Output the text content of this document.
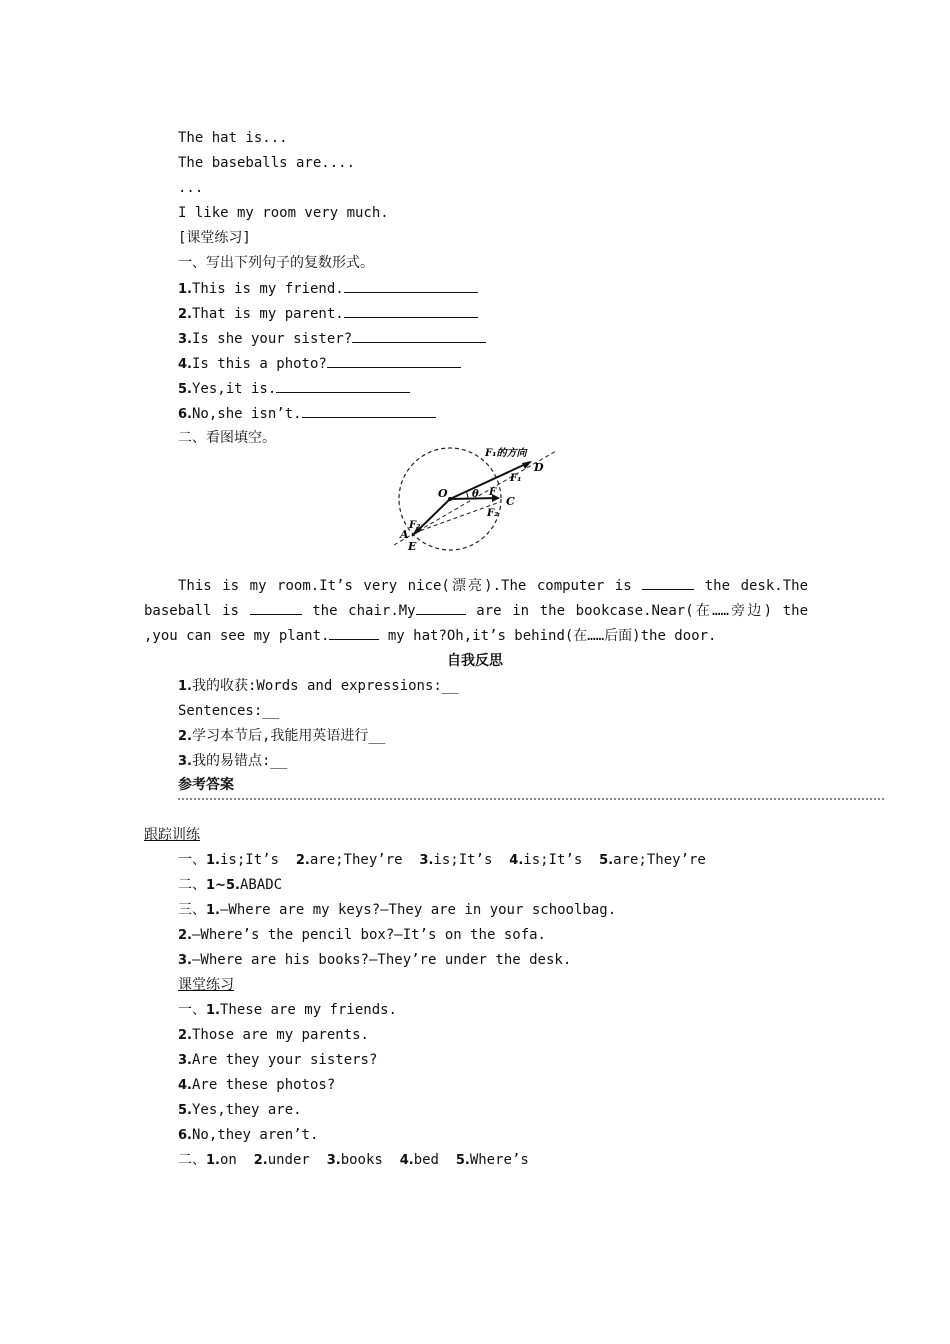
The hat is...
The baseballs are....
...
I like my room very much.
[课堂练习]
一、写出下列句子的复数形式。
1.This is my friend.
2.That is my parent.
3.Is she your sister?
4.Is this a photo?
5.Yes,it is.
6.No,she isn’t.
二、看图填空。
F₁的方向
D
F₁
O θ F
C
F₂
F₂
A
E
This is my room.It’s very nice(漂亮).The computer is	the desk.The baseball is	the chair.My	are in the bookcase.Near(在……旁边) the ,you can see my plant.	my hat?Oh,it’s behind(在……后面)the door.
自我反思
1.我的收获:Words and expressions:__
Sentences:__
2.学习本节后,我能用英语进行__
3.我的易错点:__
参考答案
跟踪训练
一、1.is;It’s 2.are;They’re 3.is;It’s 4.is;It’s 5.are;They’re
二、1~5.ABADC
三、1.—Where are my keys?—They are in your schoolbag.
2.—Where’s the pencil box?—It’s on the sofa.
3.—Where are his books?—They’re under the desk.
课堂练习
一、1.These are my friends.
2.Those are my parents.
3.Are they your sisters?
4.Are these photos?
5.Yes,they are.
6.No,they aren’t.
二、1.on 2.under 3.books 4.bed 5.Where’s
